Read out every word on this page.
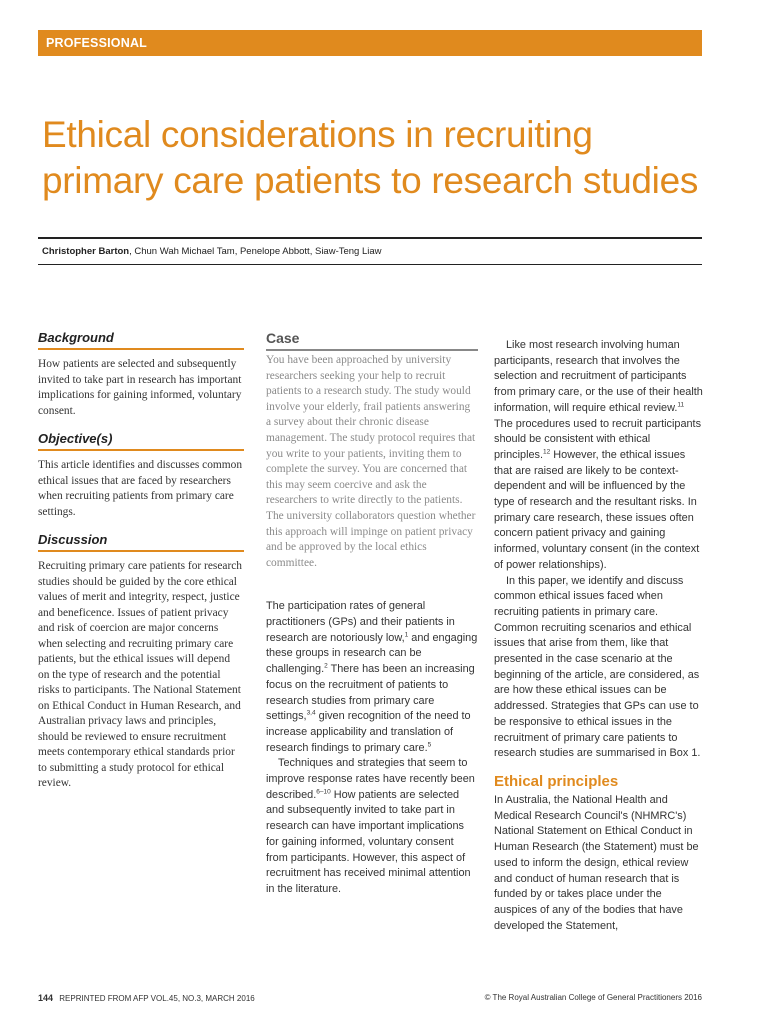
PROFESSIONAL
Ethical considerations in recruiting primary care patients to research studies
Christopher Barton, Chun Wah Michael Tam, Penelope Abbott, Siaw-Teng Liaw
Background

How patients are selected and subsequently invited to take part in research has important implications for gaining informed, voluntary consent.

Objective(s)

This article identifies and discusses common ethical issues that are faced by researchers when recruiting patients from primary care settings.

Discussion

Recruiting primary care patients for research studies should be guided by the core ethical values of merit and integrity, respect, justice and beneficence. Issues of patient privacy and risk of coercion are major concerns when selecting and recruiting primary care patients, but the ethical issues will depend on the type of research and the potential risks to participants. The National Statement on Ethical Conduct in Human Research, and Australian privacy laws and principles, should be reviewed to ensure recruitment meets contemporary ethical standards prior to submitting a study protocol for ethical review.

Case

You have been approached by university researchers seeking your help to recruit patients to a research study. The study would involve your elderly, frail patients answering a survey about their chronic disease management. The study protocol requires that you write to your patients, inviting them to complete the survey. You are concerned that this may seem coercive and ask the researchers to write directly to the patients. The university collaborators question whether this approach will impinge on patient privacy and be approved by the local ethics committee.

The participation rates of general practitioners (GPs) and their patients in research are notoriously low,$^1$ and engaging these groups in research can be challenging.$^2$ There has been an increasing focus on the recruitment of patients to research studies from primary care settings,$^{3,4}$ given recognition of the need to increase applicability and translation of research findings to primary care.$^5$

Techniques and strategies that seem to improve response rates have recently been described.$^{6-10}$ How patients are selected and subsequently invited to take part in research can have important implications for gaining informed, voluntary consent from participants. However, this aspect of recruitment has received minimal attention in the literature.

Like most research involving human participants, research that involves the selection and recruitment of participants from primary care, or the use of their health information, will require ethical review.$^{11}$ The procedures used to recruit participants should be consistent with ethical principles.$^{12}$ However, the ethical issues that are raised are likely to be context-dependent and will be influenced by the type of research and the resultant risks. In primary care research, these issues often concern patient privacy and gaining informed, voluntary consent (in the context of power relationships).

In this paper, we identify and discuss common ethical issues faced when recruiting patients in primary care. Common recruiting scenarios and ethical issues that arise from them, like that presented in the case scenario at the beginning of the article, are considered, as are how these ethical issues can be addressed. Strategies that GPs can use to be responsive to ethical issues in the recruitment of primary care patients to research studies are summarised in Box 1.

Ethical principles

In Australia, the National Health and Medical Research Council's (NHMRC's) National Statement on Ethical Conduct in Human Research (the Statement) must be used to inform the design, ethical review and conduct of human research that is funded by or takes place under the auspices of any of the bodies that have developed the Statement,

144 REPRINTED FROM AFP VOL.45, NO.3, MARCH 2016	© The Royal Australian College of General Practitioners 2016
